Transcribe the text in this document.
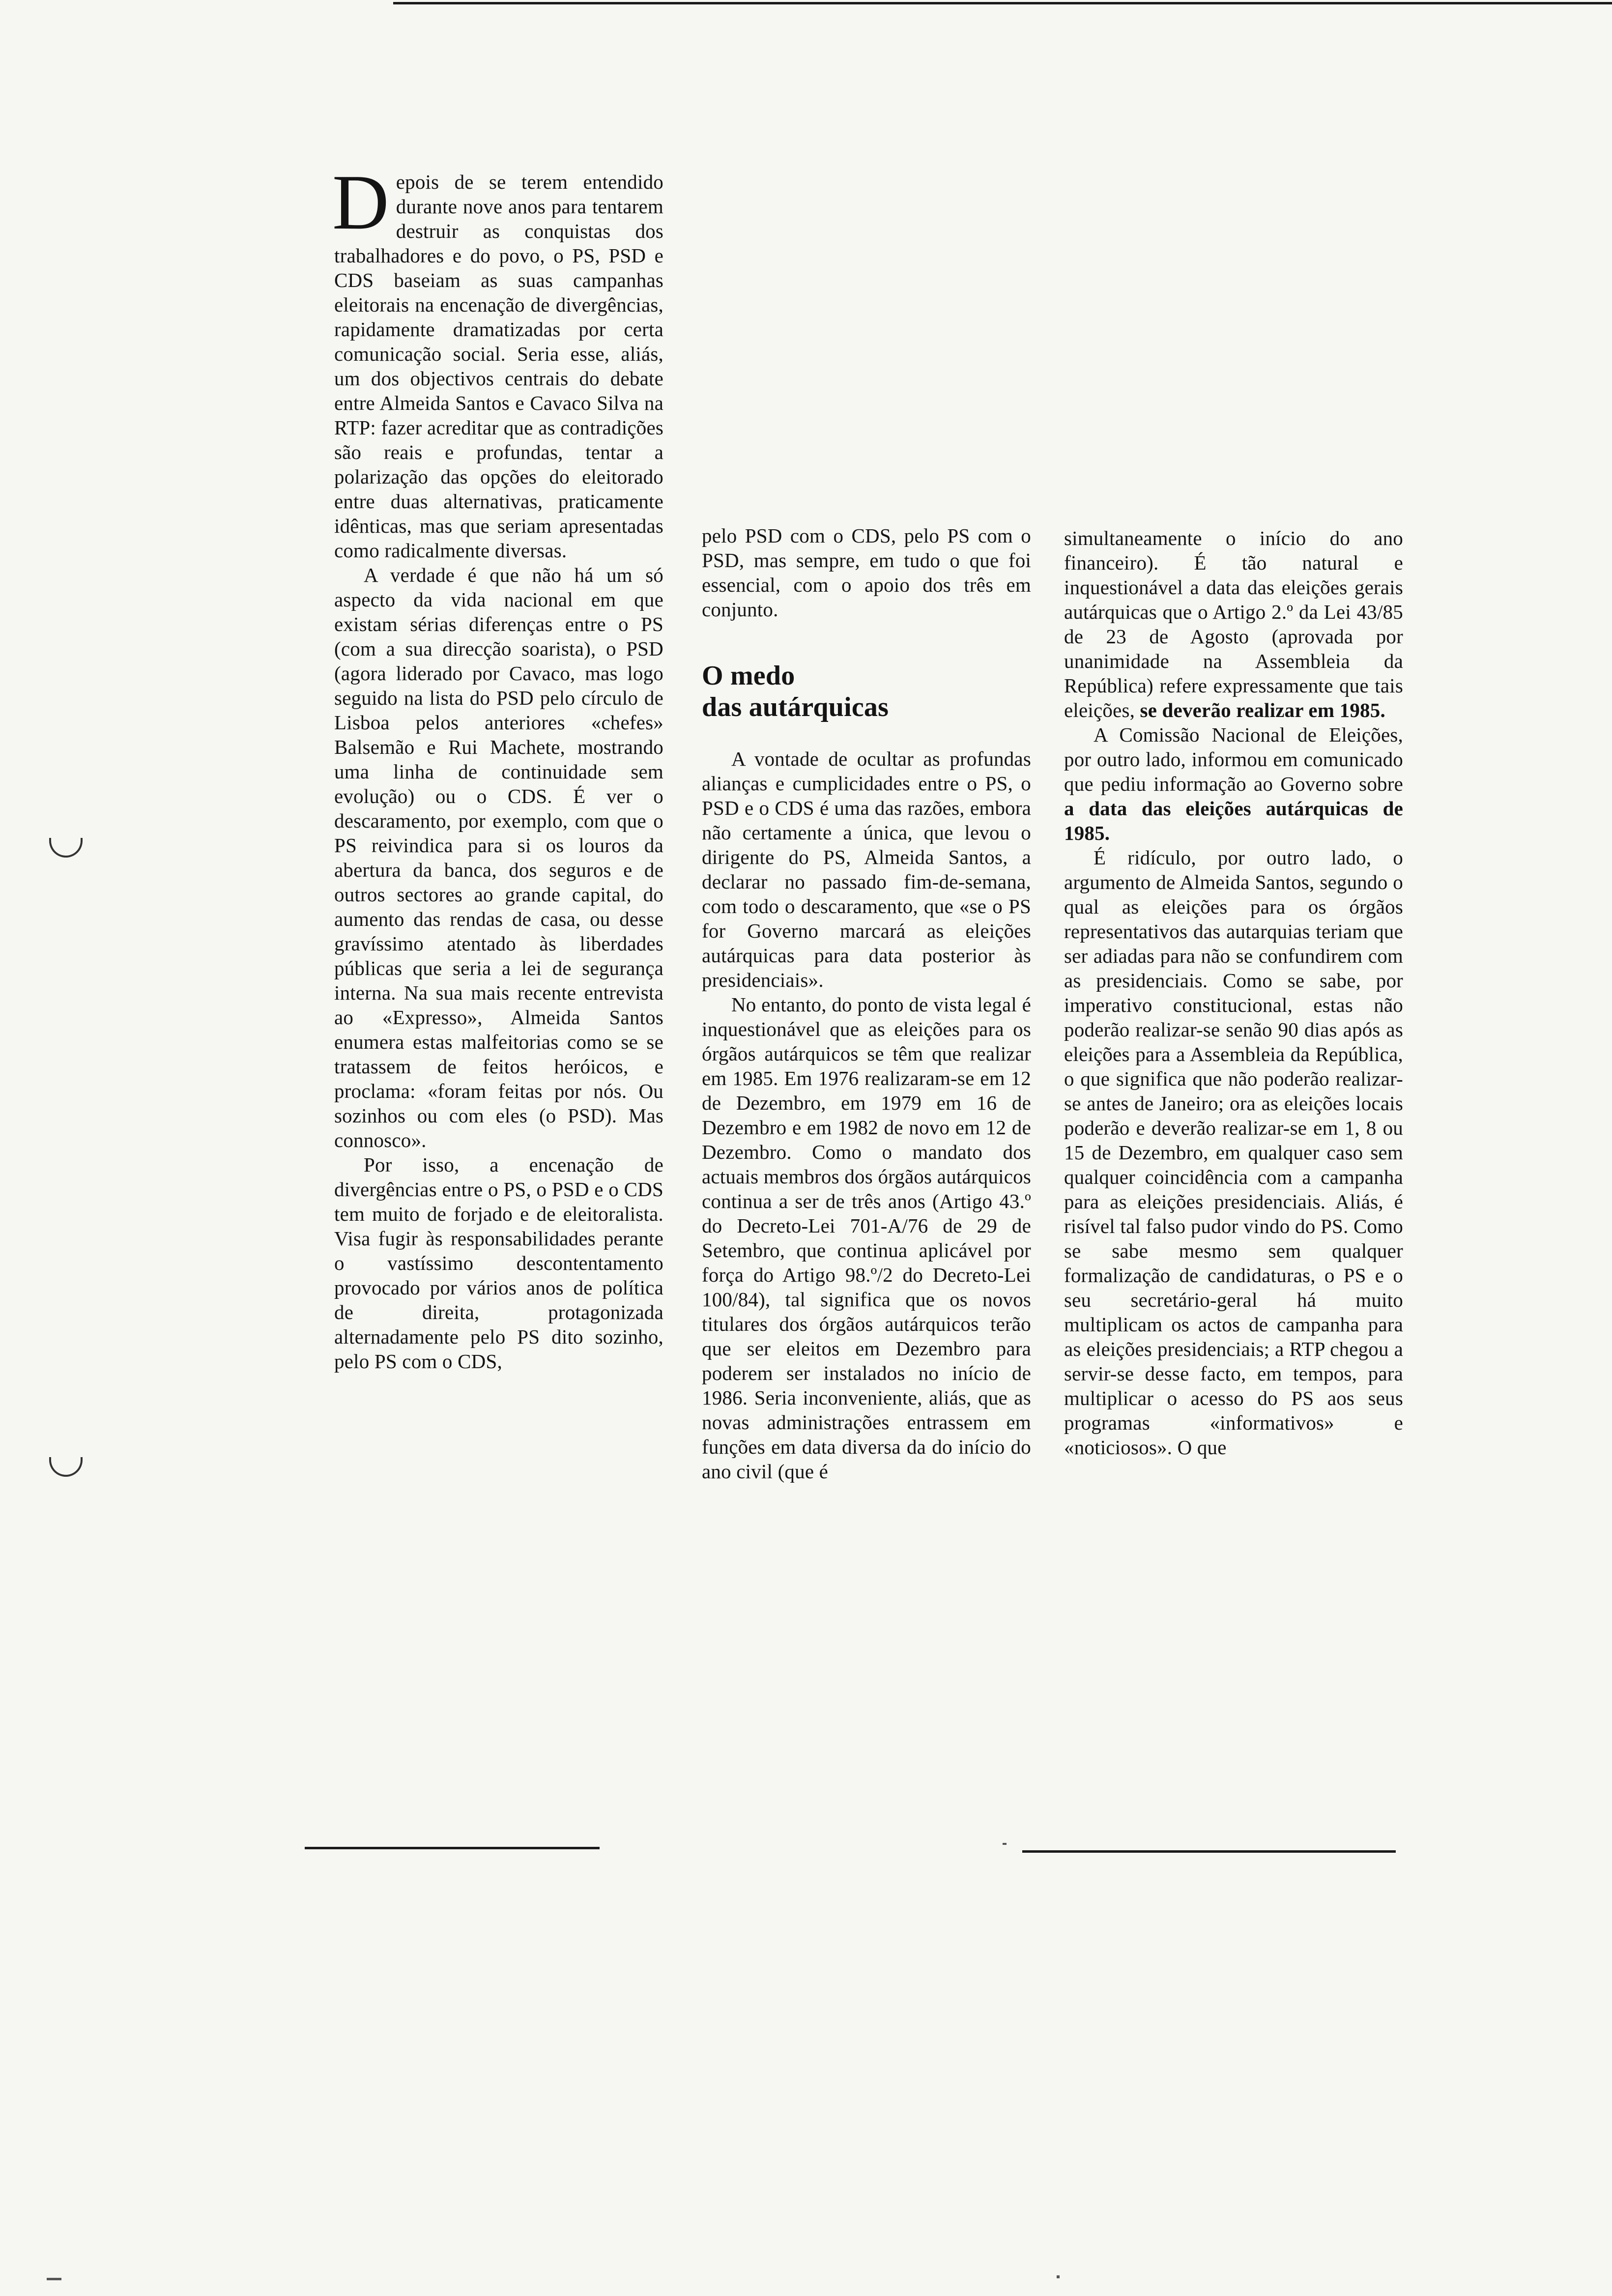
Depois de se terem entendido durante nove anos para tentarem destruir as conquistas dos trabalhadores e do povo, o PS, PSD e CDS baseiam as suas campanhas eleitorais na encenação de divergências, rapidamente dramatizadas por certa comunicação social. Seria esse, aliás, um dos objectivos centrais do debate entre Almeida Santos e Cavaco Silva na RTP: fazer acreditar que as contradições são reais e profundas, tentar a polarização das opções do eleitorado entre duas alternativas, praticamente idênticas, mas que seriam apresentadas como radicalmente diversas.

A verdade é que não há um só aspecto da vida nacional em que existam sérias diferenças entre o PS (com a sua direcção soarista), o PSD (agora liderado por Cavaco, mas logo seguido na lista do PSD pelo círculo de Lisboa pelos anteriores «chefes» Balsemão e Rui Machete, mostrando uma linha de continuidade sem evolução) ou o CDS. É ver o descaramento, por exemplo, com que o PS reivindica para si os louros da abertura da banca, dos seguros e de outros sectores ao grande capital, do aumento das rendas de casa, ou desse gravíssimo atentado às liberdades públicas que seria a lei de segurança interna. Na sua mais recente entrevista ao «Expresso», Almeida Santos enumera estas malfeitorias como se se tratassem de feitos heróicos, e proclama: «foram feitas por nós. Ou sozinhos ou com eles (o PSD). Mas connosco».

Por isso, a encenação de divergências entre o PS, o PSD e o CDS tem muito de forjado e de eleitoralista. Visa fugir às responsabilidades perante o vastíssimo descontentamento provocado por vários anos de política de direita, protagonizada alternadamente pelo PS dito sozinho, pelo PS com o CDS,

pelo PSD com o CDS, pelo PS com o PSD, mas sempre, em tudo o que foi essencial, com o apoio dos três em conjunto.

O medo
das autárquicas

A vontade de ocultar as profundas alianças e cumplicidades entre o PS, o PSD e o CDS é uma das razões, embora não certamente a única, que levou o dirigente do PS, Almeida Santos, a declarar no passado fim-de-semana, com todo o descaramento, que «se o PS for Governo marcará as eleições autárquicas para data posterior às presidenciais».

No entanto, do ponto de vista legal é inquestionável que as eleições para os órgãos autárquicos se têm que realizar em 1985. Em 1976 realizaram-se em 12 de Dezembro, em 1979 em 16 de Dezembro e em 1982 de novo em 12 de Dezembro. Como o mandato dos actuais membros dos órgãos autárquicos continua a ser de três anos (Artigo 43.º do Decreto-Lei 701-A/76 de 29 de Setembro, que continua aplicável por força do Artigo 98.º/2 do Decreto-Lei 100/84), tal significa que os novos titulares dos órgãos autárquicos terão que ser eleitos em Dezembro para poderem ser instalados no início de 1986. Seria inconveniente, aliás, que as novas administrações entrassem em funções em data diversa da do início do ano civil (que é

simultaneamente o início do ano financeiro). É tão natural e inquestionável a data das eleições gerais autárquicas que o Artigo 2.º da Lei 43/85 de 23 de Agosto (aprovada por unanimidade na Assembleia da República) refere expressamente que tais eleições, se deverão realizar em 1985.

A Comissão Nacional de Eleições, por outro lado, informou em comunicado que pediu informação ao Governo sobre a data das eleições autárquicas de 1985.

É ridículo, por outro lado, o argumento de Almeida Santos, segundo o qual as eleições para os órgãos representativos das autarquias teriam que ser adiadas para não se confundirem com as presidenciais. Como se sabe, por imperativo constitucional, estas não poderão realizar-se senão 90 dias após as eleições para a Assembleia da República, o que significa que não poderão realizar-se antes de Janeiro; ora as eleições locais poderão e deverão realizar-se em 1, 8 ou 15 de Dezembro, em qualquer caso sem qualquer coincidência com a campanha para as eleições presidenciais. Aliás, é risível tal falso pudor vindo do PS. Como se sabe mesmo sem qualquer formalização de candidaturas, o PS e o seu secretário-geral há muito multiplicam os actos de campanha para as eleições presidenciais; a RTP chegou a servir-se desse facto, em tempos, para multiplicar o acesso do PS aos seus programas «informativos» e «noticiosos». O que
